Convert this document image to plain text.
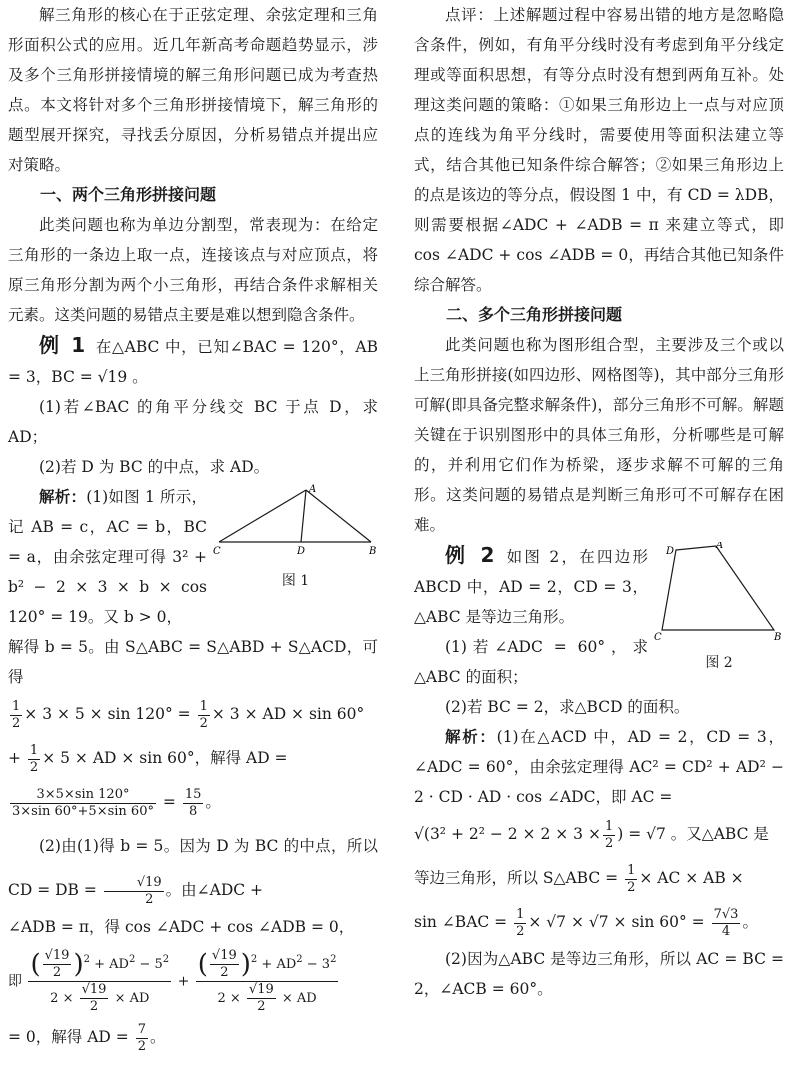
解三角形的核心在于正弦定理、余弦定理和三角形面积公式的应用。近几年新高考命题趋势显示，涉及多个三角形拼接情境的解三角形问题已成为考查热点。本文将针对多个三角形拼接情境下，解三角形的题型展开探究，寻找丢分原因，分析易错点并提出应对策略。

一、两个三角形拼接问题

此类问题也称为单边分割型，常表现为：在给定三角形的一条边上取一点，连接该点与对应顶点，将原三角形分割为两个小三角形，再结合条件求解相关元素。这类问题的易错点主要是难以想到隐含条件。

例 1 在△ABC 中，已知∠BAC = 120°，AB = 3，BC = √19 。

(1)若∠BAC 的角平分线交 BC 于点 D，求 AD；

(2)若 D 为 BC 的中点，求 AD。

A
C	D	B
图 1

解析：(1)如图 1 所示，记 AB = c，AC = b，BC = a，由余弦定理可得 3² + b² − 2 × 3 × b × cos 120° = 19。又 b > 0，

解得 b = 5。由 S△ABC = S△ABD + S△ACD，可得

$\frac{1}{2} \times 3 \times 5 \times \sin 120^\circ = \frac{1}{2} \times 3$ × AD × sin 60°
+ $\frac{1}{2} \times 5$ × AD × sin 60°，解得 AD =
$\frac{3\times 5\times\sin 120^\circ}{3\times\sin 60^\circ+5\times\sin 60^\circ} = \frac{15}{8}$ 。

(2)由(1)得 b = 5。因为 D 为 BC 的中点，所以 CD = DB = $\frac{√19}{2}$ 。由∠ADC +

∠ADB = π，得 cos ∠ADC + cos ∠ADB = 0，

即 $\frac{( \frac{√19}{2} )^2 + AD^2 - 5^2}{2 \times \frac{√19}{2} \times AD} + \frac{( \frac{√19}{2} )^2 + AD^2 - 3^2}{2 \times \frac{√19}{2} \times AD}$
= 0，解得 AD = $\frac{7}{2}$ 。

点评：上述解题过程中容易出错的地方是忽略隐含条件，例如，有角平分线时没有考虑到角平分线定理或等面积思想，有等分点时没有想到两角互补。处理这类问题的策略：①如果三角形边上一点与对应顶点的连线为角平分线时，需要使用等面积法建立等式，结合其他已知条件综合解答；②如果三角形边上的点是该边的等分点，假设图 1 中，有 CD = λDB，则需要根据∠ADC + ∠ADB = π 来建立等式，即 cos ∠ADC + cos ∠ADB = 0，再结合其他已知条件综合解答。

二、多个三角形拼接问题

此类问题也称为图形组合型，主要涉及三个或以上三角形拼接(如四边形、网格图等)，其中部分三角形可解(即具备完整求解条件)，部分三角形不可解。解题关键在于识别图形中的具体三角形，分析哪些是可解的，并利用它们作为桥梁，逐步求解不可解的三角形。这类问题的易错点是判断三角形可不可解存在困难。

D
A
C	B
图 2

例 2 如图 2，在四边形 ABCD 中，AD = 2，CD = 3，△ABC 是等边三角形。

(1)若∠ADC = 60°，求△ABC 的面积；

(2)若 BC = 2，求△BCD 的面积。

解析：(1)在△ACD 中，AD = 2，CD = 3，∠ADC = 60°，由余弦定理得 AC² = CD² + AD² − 2 · CD · AD · cos ∠ADC，即 AC =

$√(3^2 + 2^2 - 2 \times 2 \times 3 \times \frac{1}{2}$ ) = √7 。又△ABC 是
等边三角形，所以 S△ABC = $\frac{1}{2}$ × AC × AB ×
sin ∠BAC = $\frac{1}{2} \times √7 \times √7 \times \sin 60^\circ = \frac{7√3}{4}$ 。

(2)因为△ABC 是等边三角形，所以 AC = BC = 2，∠ACB = 60°。
